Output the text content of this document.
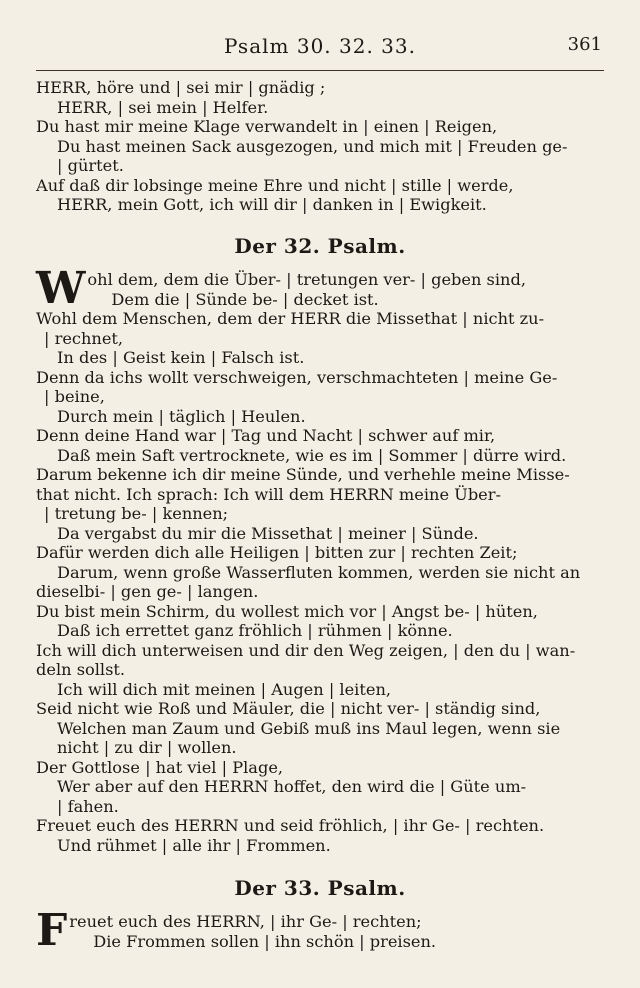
Psalm 30. 32. 33.	361
HERR, höre und | sei mir | gnädig ;
HERR, | sei mein | Helfer.
Du hast mir meine Klage verwandelt in | einen | Reigen,
Du hast meinen Sack ausgezogen, und mich mit | Freuden ge-
| gürtet.
Auf daß dir lobsinge meine Ehre und nicht | stille | werde,
HERR, mein Gott, ich will dir | danken in | Ewigkeit.
Der 32. Psalm.
W ohl dem, dem die Über- | tretungen ver- | geben sind,
Dem die | Sünde be- | decket ist.
Wohl dem Menschen, dem der HERR die Missethat | nicht zu-
| rechnet,
In des | Geist kein | Falsch ist.
Denn da ichs wollt verschweigen, verschmachteten | meine Ge-
| beine,
Durch mein | täglich | Heulen.
Denn deine Hand war | Tag und Nacht | schwer auf mir,
Daß mein Saft vertrocknete, wie es im | Sommer | dürre wird.
Darum bekenne ich dir meine Sünde, und verhehle meine Misse-
that nicht. Ich sprach: Ich will dem HERRN meine Über-
| tretung be- | kennen;
Da vergabst du mir die Missethat | meiner | Sünde.
Dafür werden dich alle Heiligen | bitten zur | rechten Zeit;
Darum, wenn große Wasserfluten kommen, werden sie nicht an
dieselbi- | gen ge- | langen.
Du bist mein Schirm, du wollest mich vor | Angst be- | hüten,
Daß ich errettet ganz fröhlich | rühmen | könne.
Ich will dich unterweisen und dir den Weg zeigen, | den du | wan-
deln sollst.
Ich will dich mit meinen | Augen | leiten,
Seid nicht wie Roß und Mäuler, die | nicht ver- | ständig sind,
Welchen man Zaum und Gebiß muß ins Maul legen, wenn sie
nicht | zu dir | wollen.
Der Gottlose | hat viel | Plage,
Wer aber auf den HERRN hoffet, den wird die | Güte um-
| fahen.
Freuet euch des HERRN und seid fröhlich, | ihr Ge- | rechten.
Und rühmet | alle ihr | Frommen.
Der 33. Psalm.
F reuet euch des HERRN, | ihr Ge- | rechten;
Die Frommen sollen | ihn schön | preisen.
